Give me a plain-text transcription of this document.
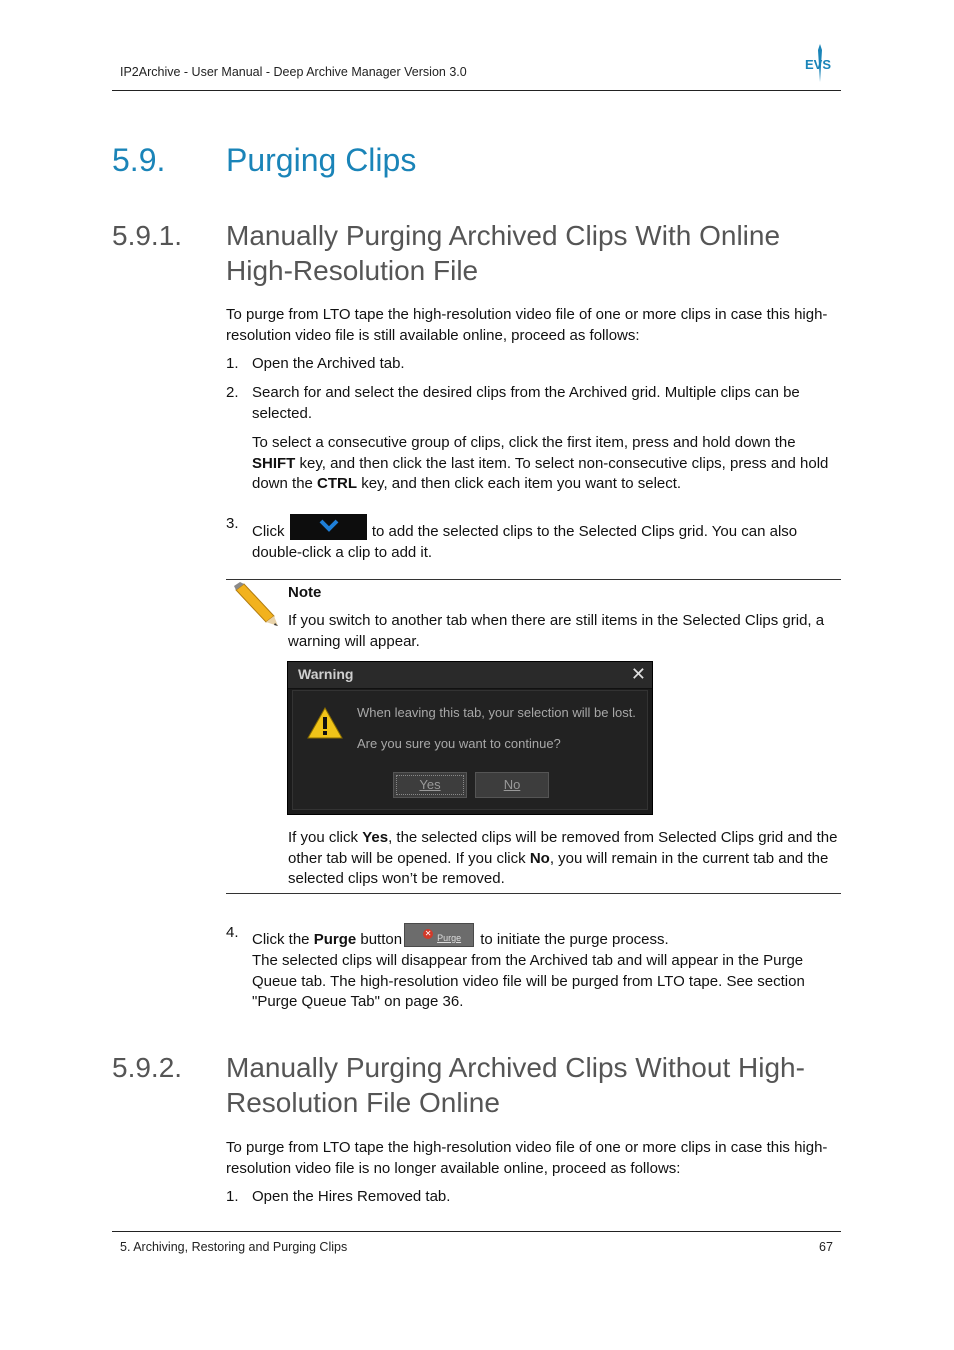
IP2Archive - User Manual - Deep Archive Manager Version 3.0	EVS
5.9. Purging Clips
5.9.1. Manually Purging Archived Clips With Online High-Resolution File
To purge from LTO tape the high-resolution video file of one or more clips in case this high-resolution video file is still available online, proceed as follows:
1. Open the Archived tab.
2. Search for and select the desired clips from the Archived grid. Multiple clips can be selected.
To select a consecutive group of clips, click the first item, press and hold down the SHIFT key, and then click the last item. To select non-consecutive clips, press and hold down the CTRL key, and then click each item you want to select.
3. Click	to add the selected clips to the Selected Clips grid. You can also double-click a clip to add it.
Note
If you switch to another tab when there are still items in the Selected Clips grid, a warning will appear.
Warning	✕
When leaving this tab, your selection will be lost.
Are you sure you want to continue?
Yes	No
If you click Yes, the selected clips will be removed from Selected Clips grid and the other tab will be opened. If you click No, you will remain in the current tab and the selected clips won’t be removed.
4. Click the Purge button	✕ Purge to initiate the purge process.
The selected clips will disappear from the Archived tab and will appear in the Purge Queue tab. The high-resolution video file will be purged from LTO tape. See section "Purge Queue Tab" on page 36.
5.9.2. Manually Purging Archived Clips Without High-Resolution File Online
To purge from LTO tape the high-resolution video file of one or more clips in case this high-resolution video file is no longer available online, proceed as follows:
1. Open the Hires Removed tab.
5. Archiving, Restoring and Purging Clips	67
